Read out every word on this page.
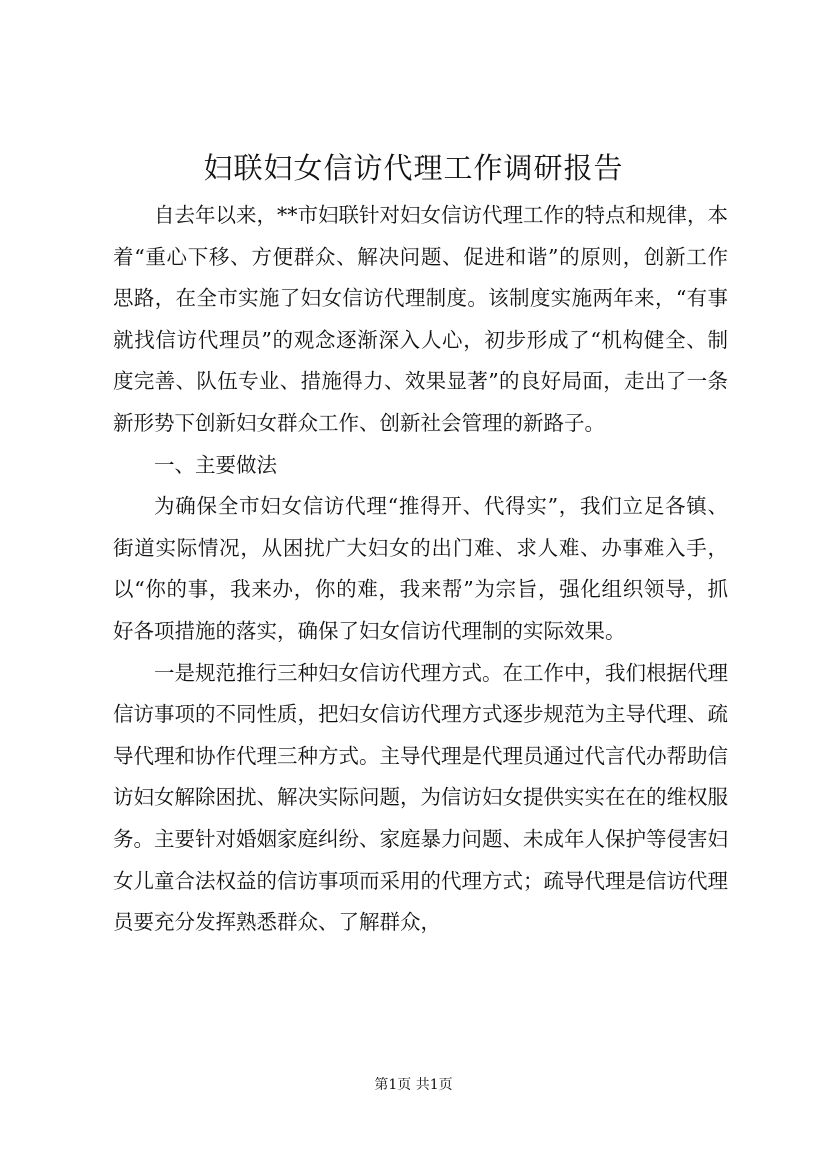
妇联妇女信访代理工作调研报告

自去年以来，**市妇联针对妇女信访代理工作的特点和规律，本着“重心下移、方便群众、解决问题、促进和谐”的原则，创新工作思路，在全市实施了妇女信访代理制度。该制度实施两年来，“有事就找信访代理员”的观念逐渐深入人心，初步形成了“机构健全、制度完善、队伍专业、措施得力、效果显著”的良好局面，走出了一条新形势下创新妇女群众工作、创新社会管理的新路子。

一、主要做法

为确保全市妇女信访代理“推得开、代得实”，我们立足各镇、街道实际情况，从困扰广大妇女的出门难、求人难、办事难入手，以“你的事，我来办，你的难，我来帮”为宗旨，强化组织领导，抓好各项措施的落实，确保了妇女信访代理制的实际效果。

一是规范推行三种妇女信访代理方式。在工作中，我们根据代理信访事项的不同性质，把妇女信访代理方式逐步规范为主导代理、疏导代理和协作代理三种方式。主导代理是代理员通过代言代办帮助信访妇女解除困扰、解决实际问题，为信访妇女提供实实在在的维权服务。主要针对婚姻家庭纠纷、家庭暴力问题、未成年人保护等侵害妇女儿童合法权益的信访事项而采用的代理方式；疏导代理是信访代理员要充分发挥熟悉群众、了解群众，

第1页 共1页
